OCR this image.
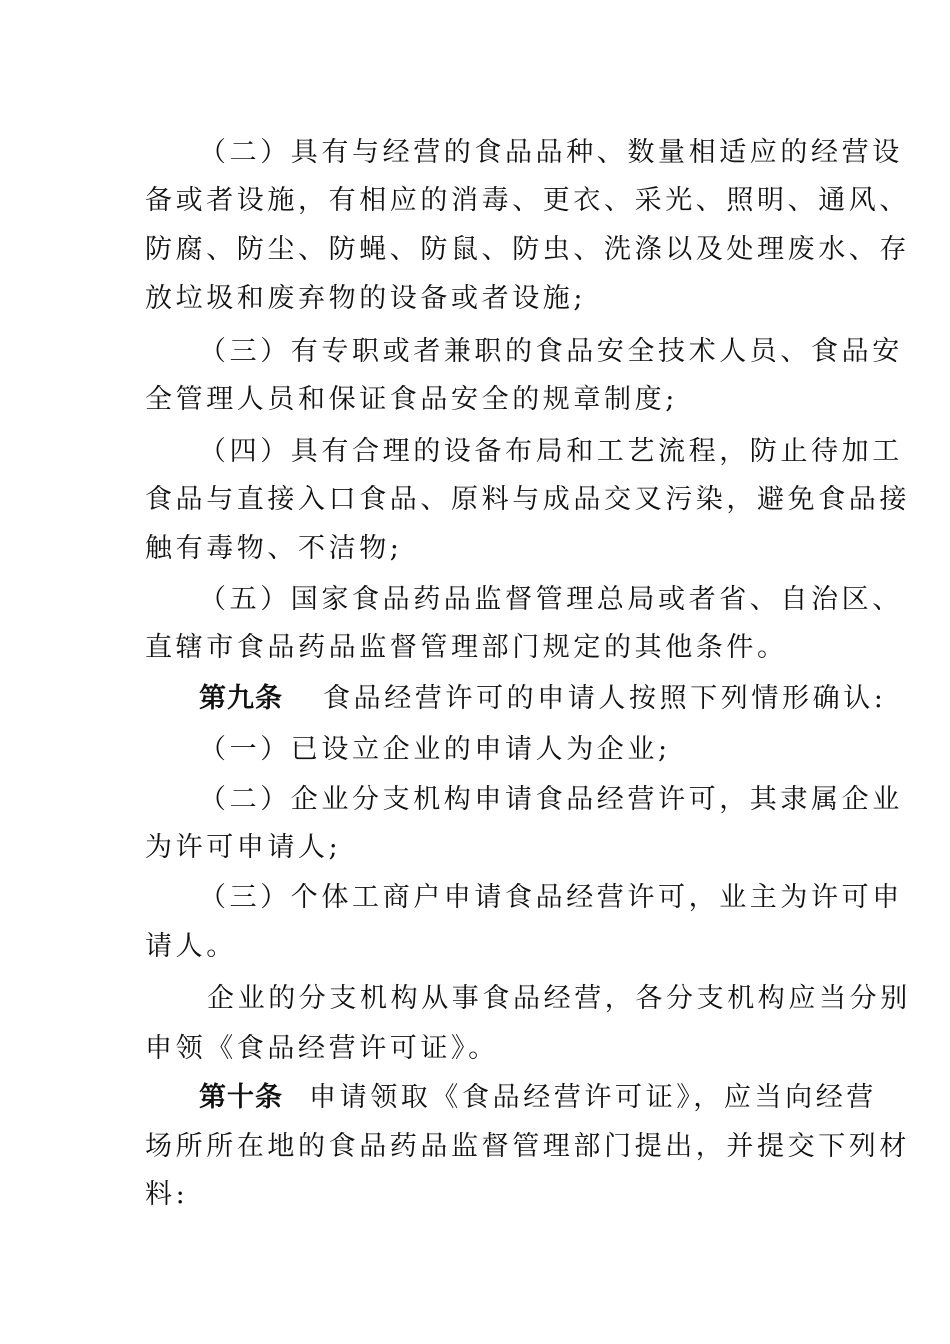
（二）具有与经营的食品品种、数量相适应的经营设
备或者设施，有相应的消毒、更衣、采光、照明、通风、
防腐、防尘、防蝇、防鼠、防虫、洗涤以及处理废水、存
放垃圾和废弃物的设备或者设施;
（三）有专职或者兼职的食品安全技术人员、食品安
全管理人员和保证食品安全的规章制度;
（四）具有合理的设备布局和工艺流程，防止待加工
食品与直接入口食品、原料与成品交叉污染，避免食品接
触有毒物、不洁物;
（五）国家食品药品监督管理总局或者省、自治区、
直辖市食品药品监督管理部门规定的其他条件。
第九条 食品经营许可的申请人按照下列情形确认:
（一）已设立企业的申请人为企业;
（二）企业分支机构申请食品经营许可，其隶属企业
为许可申请人;
（三）个体工商户申请食品经营许可，业主为许可申
请人。
企业的分支机构从事食品经营，各分支机构应当分别
申领《食品经营许可证》。
第十条 申请领取《食品经营许可证》，应当向经营
场所所在地的食品药品监督管理部门提出，并提交下列材
料:
